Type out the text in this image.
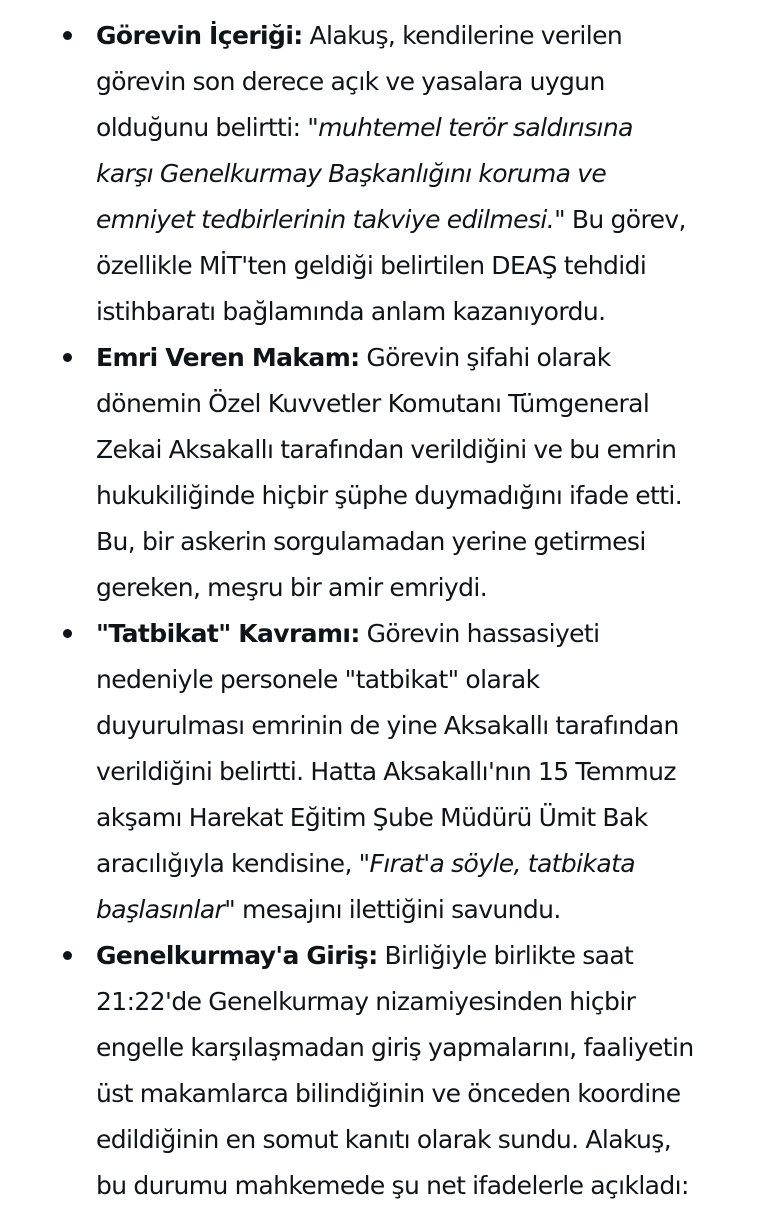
Görevin İçeriği: Alakuş, kendilerine verilen
görevin son derece açık ve yasalara uygun
olduğunu belirtti: "muhtemel terör saldırısına
karşı Genelkurmay Başkanlığını koruma ve
emniyet tedbirlerinin takviye edilmesi." Bu görev,
özellikle MİT'ten geldiği belirtilen DEAŞ tehdidi
istihbaratı bağlamında anlam kazanıyordu.
Emri Veren Makam: Görevin şifahi olarak
dönemin Özel Kuvvetler Komutanı Tümgeneral
Zekai Aksakallı tarafından verildiğini ve bu emrin
hukukiliğinde hiçbir şüphe duymadığını ifade etti.
Bu, bir askerin sorgulamadan yerine getirmesi
gereken, meşru bir amir emriydi.
"Tatbikat" Kavramı: Görevin hassasiyeti
nedeniyle personele "tatbikat" olarak
duyurulması emrinin de yine Aksakallı tarafından
verildiğini belirtti. Hatta Aksakallı'nın 15 Temmuz
akşamı Harekat Eğitim Şube Müdürü Ümit Bak
aracılığıyla kendisine, "Fırat'a söyle, tatbikata
başlasınlar" mesajını ilettiğini savundu.
Genelkurmay'a Giriş: Birliğiyle birlikte saat
21:22'de Genelkurmay nizamiyesinden hiçbir
engelle karşılaşmadan giriş yapmalarını, faaliyetin
üst makamlarca bilindiğinin ve önceden koordine
edildiğinin en somut kanıtı olarak sundu. Alakuş,
bu durumu mahkemede şu net ifadelerle açıkladı:
